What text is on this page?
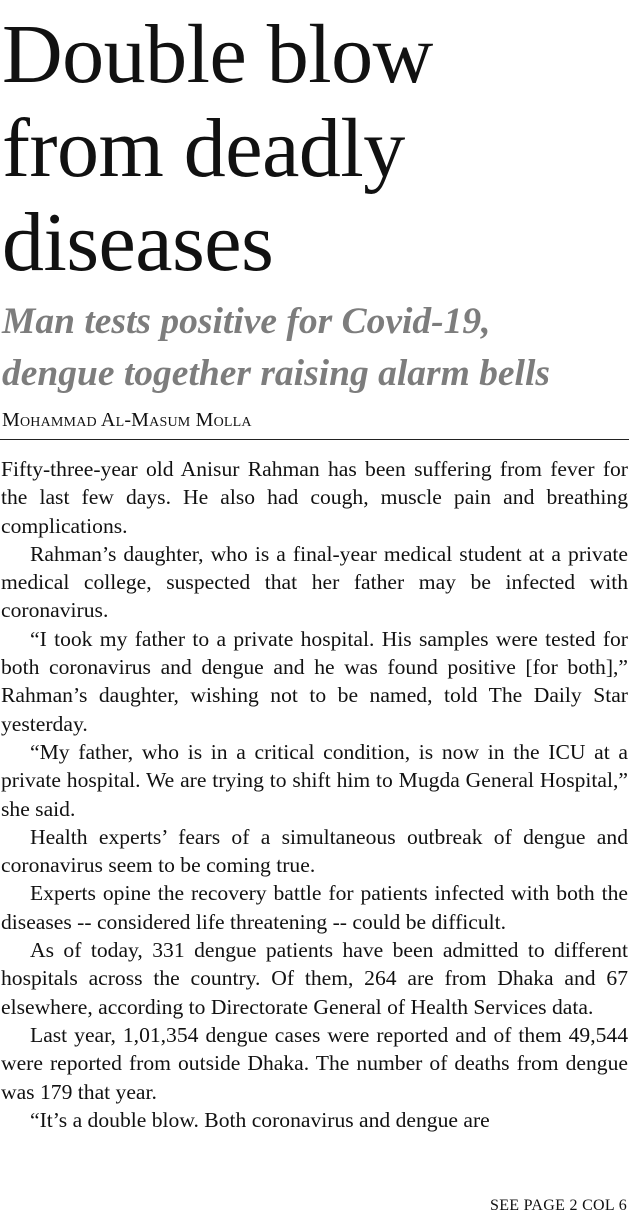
Double blow
from deadly
diseases
Man tests positive for Covid-19,
dengue together raising alarm bells

Mohammad Al-Masum Molla

Fifty-three-year old Anisur Rahman has been suffering from fever for the last few days. He also had cough, muscle pain and breathing complications.

Rahman’s daughter, who is a final-year medical student at a private medical college, suspected that her father may be infected with coronavirus.

“I took my father to a private hospital. His samples were tested for both coronavirus and dengue and he was found positive [for both],” Rahman’s daughter, wishing not to be named, told The Daily Star yesterday.

“My father, who is in a critical condition, is now in the ICU at a private hospital. We are trying to shift him to Mugda General Hospital,” she said.

Health experts’ fears of a simultaneous outbreak of dengue and coronavirus seem to be coming true.

Experts opine the recovery battle for patients infected with both the diseases -- considered life threatening -- could be difficult.

As of today, 331 dengue patients have been admitted to different hospitals across the country. Of them, 264 are from Dhaka and 67 elsewhere, according to Directorate General of Health Services data.

Last year, 1,01,354 dengue cases were reported and of them 49,544 were reported from outside Dhaka. The number of deaths from dengue was 179 that year.

“It’s a double blow. Both coronavirus and dengue are

SEE PAGE 2 COL 6
